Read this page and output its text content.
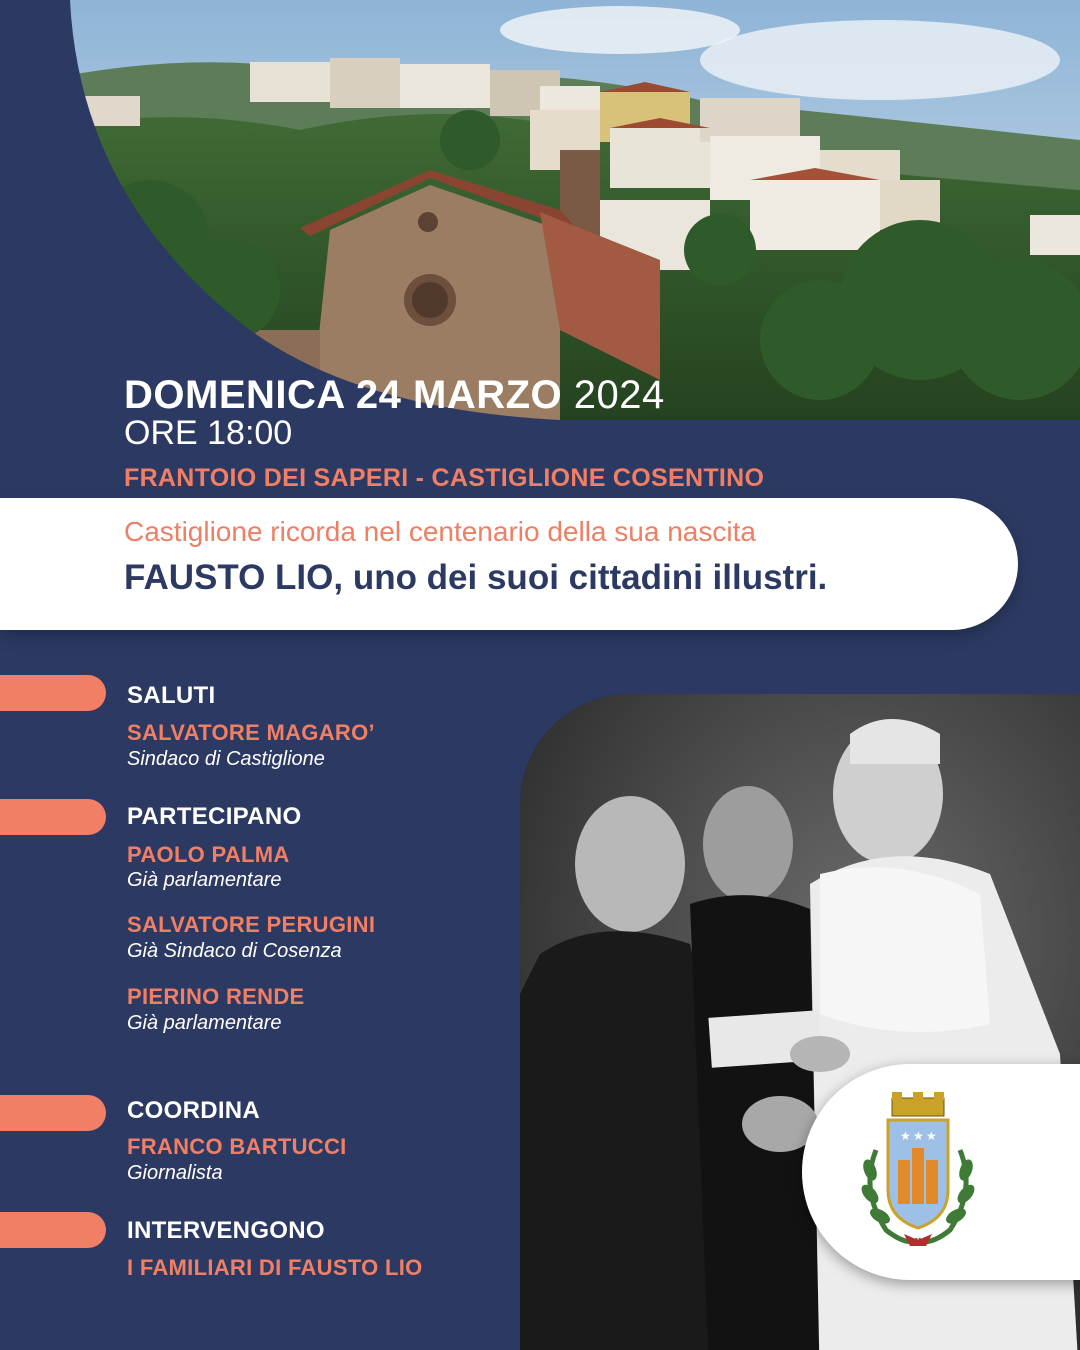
DOMENICA 24 MARZO 2024
ORE 18:00
FRANTOIO DEI SAPERI - CASTIGLIONE COSENTINO
Castiglione ricorda nel centenario della sua nascita
FAUSTO LIO, uno dei suoi cittadini illustri.
SALUTI
SALVATORE MAGARO’
Sindaco di Castiglione
PARTECIPANO
PAOLO PALMA
Già parlamentare
SALVATORE PERUGINI
Già Sindaco di Cosenza
PIERINO RENDE
Già parlamentare
COORDINA
FRANCO BARTUCCI
Giornalista
INTERVENGONO
I FAMILIARI DI FAUSTO LIO
★ ★ ★
